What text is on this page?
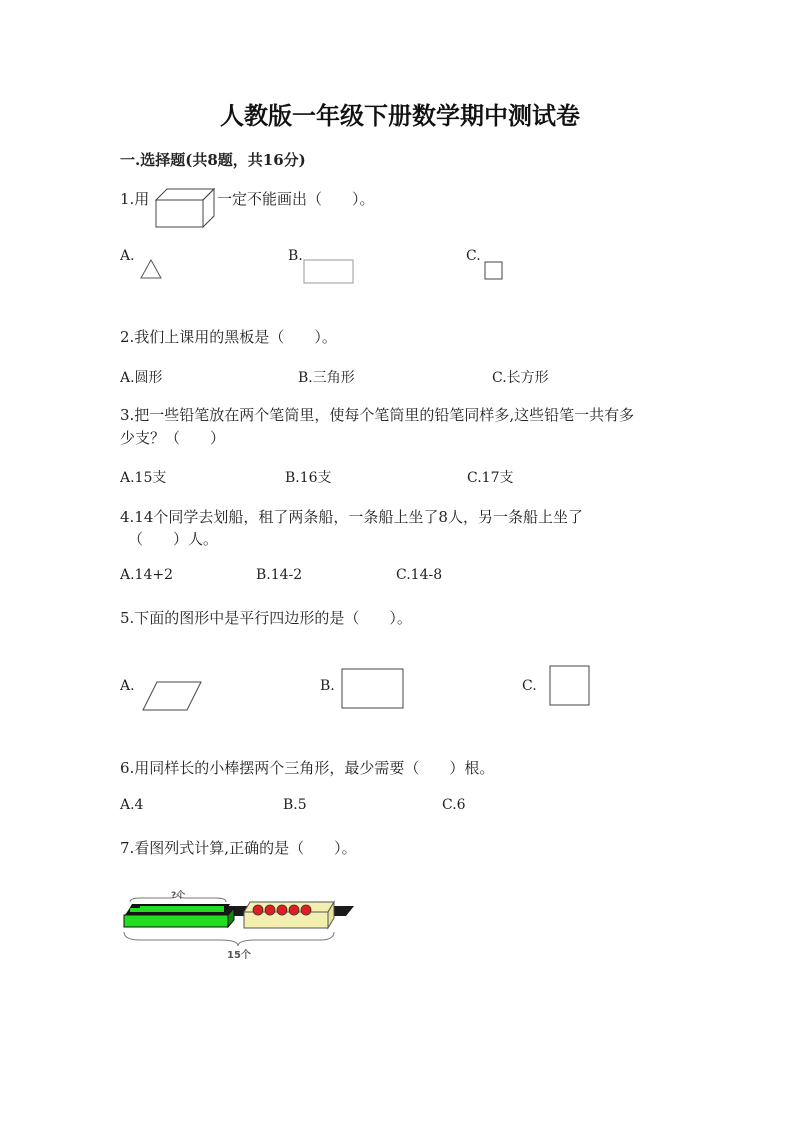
人教版一年级下册数学期中测试卷
一.选择题(共8题，共16分)
1.用	一定不能画出（　　）。
A.	B.	C.
2.我们上课用的黑板是（　　）。
A.圆形	B.三角形	C.长方形
3.把一些铅笔放在两个笔筒里，使每个笔筒里的铅笔同样多,这些铅笔一共有多
少支？（　　）
A.15支	B.16支	C.17支
4.14个同学去划船，租了两条船，一条船上坐了8人，另一条船上坐了
（　　）人。
A.14+2	B.14-2	C.14-8
5.下面的图形中是平行四边形的是（　　）。
A.	B.	C.
6.用同样长的小棒摆两个三角形，最少需要（　　）根。
A.4	B.5	C.6
7.看图列式计算,正确的是（　　）。
?个
15个
